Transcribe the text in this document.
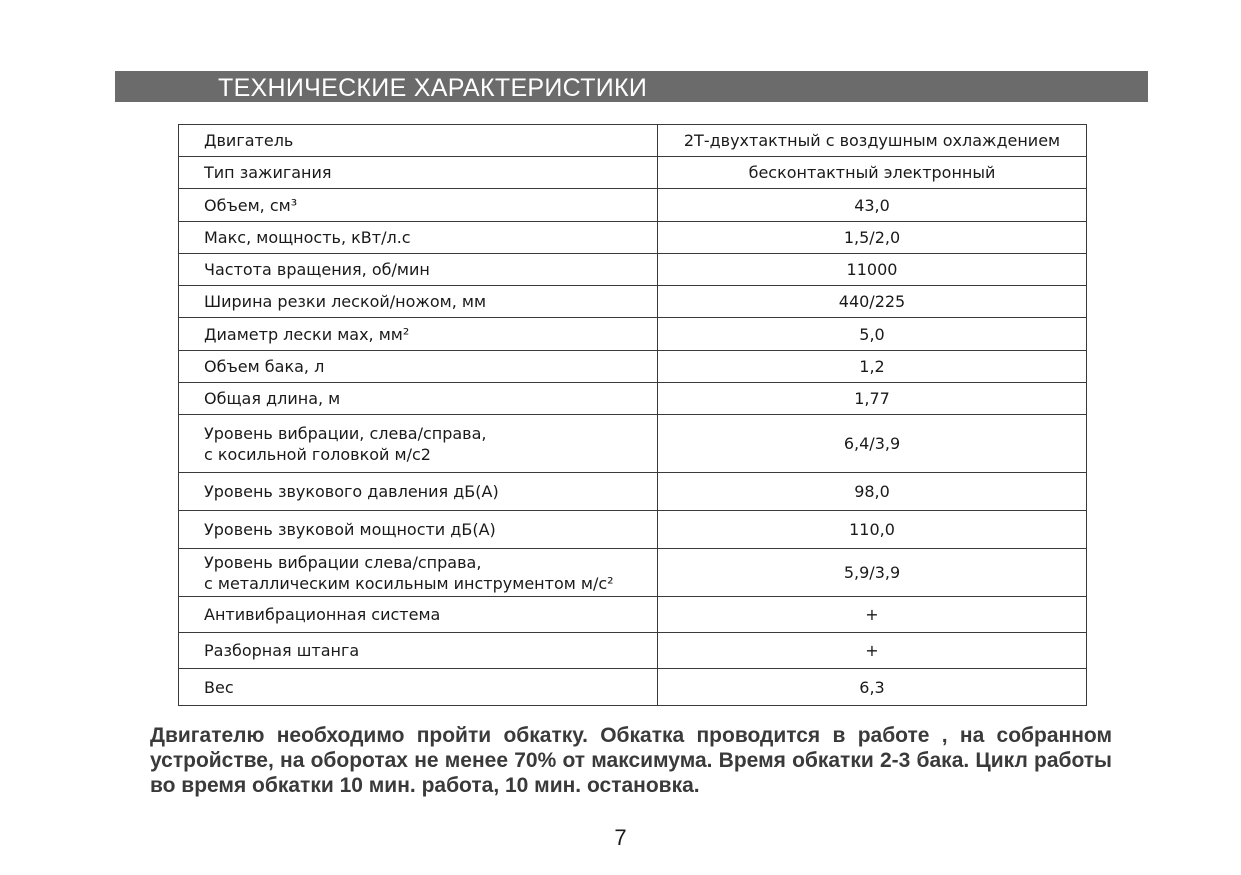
ТЕХНИЧЕСКИЕ ХАРАКТЕРИСТИКИ
Двигатель	2Т-двухтактный с воздушным охлаждением
Тип зажигания	бесконтактный электронный
Объем, см³	43,0
Макс, мощность, кВт/л.с	1,5/2,0
Частота вращения, об/мин	11000
Ширина резки леской/ножом, мм	440/225
Диаметр лески мах, мм²	5,0
Объем бака, л	1,2
Общая длина, м	1,77
Уровень вибрации, слева/справа,
с косильной головкой м/с2	6,4/3,9
Уровень звукового давления дБ(А)	98,0
Уровень звуковой мощности дБ(А)	110,0
Уровень вибрации слева/справа,
с металлическим косильным инструментом м/с²	5,9/3,9
Антивибрационная система	+
Разборная штанга	+
Вес	6,3

Двигателю необходимо пройти обкатку. Обкатка проводится в работе , на собранном устройстве, на оборотах не менее 70% от максимума. Время обкатки 2-3 бака. Цикл работы во время обкатки 10 мин. работа, 10 мин. остановка.

7
